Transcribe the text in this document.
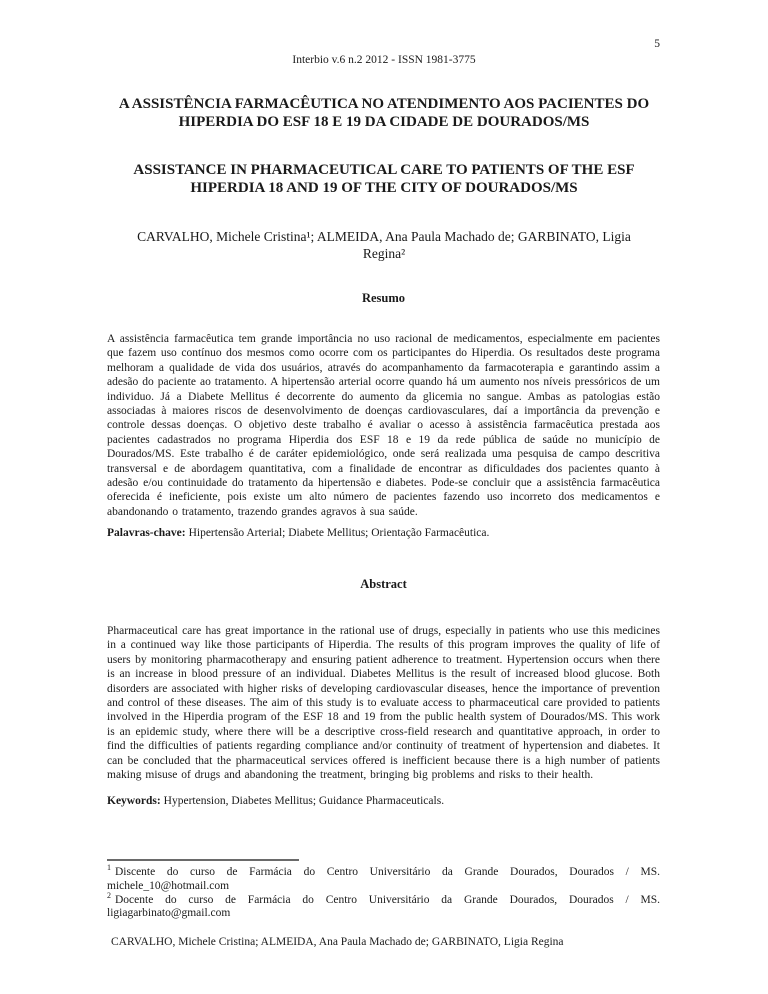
5
Interbio v.6 n.2 2012 - ISSN 1981-3775
A ASSISTÊNCIA FARMACÊUTICA NO ATENDIMENTO AOS PACIENTES DO
HIPERDIA DO ESF 18 E 19 DA CIDADE DE DOURADOS/MS
ASSISTANCE IN PHARMACEUTICAL CARE TO PATIENTS OF THE ESF
HIPERDIA 18 AND 19 OF THE CITY OF DOURADOS/MS
CARVALHO, Michele Cristina¹; ALMEIDA, Ana Paula Machado de; GARBINATO, Ligia
Regina²
Resumo
A assistência farmacêutica tem grande importância no uso racional de medicamentos, especialmente em pacientes que fazem uso contínuo dos mesmos como ocorre com os participantes do Hiperdia. Os resultados deste programa melhoram a qualidade de vida dos usuários, através do acompanhamento da farmacoterapia e garantindo assim a adesão do paciente ao tratamento. A hipertensão arterial ocorre quando há um aumento nos níveis pressóricos de um individuo. Já a Diabete Mellitus é decorrente do aumento da glicemia no sangue. Ambas as patologias estão associadas à maiores riscos de desenvolvimento de doenças cardiovasculares, daí a importância da prevenção e controle dessas doenças. O objetivo deste trabalho é avaliar o acesso à assistência farmacêutica prestada aos pacientes cadastrados no programa Hiperdia dos ESF 18 e 19 da rede pública de saúde no município de Dourados/MS. Este trabalho é de caráter epidemiológico, onde será realizada uma pesquisa de campo descritiva transversal e de abordagem quantitativa, com a finalidade de encontrar as dificuldades dos pacientes quanto à adesão e/ou continuidade do tratamento da hipertensão e diabetes. Pode-se concluir que a assistência farmacêutica oferecida é ineficiente, pois existe um alto número de pacientes fazendo uso incorreto dos medicamentos e abandonando o tratamento, trazendo grandes agravos à sua saúde.
Palavras-chave: Hipertensão Arterial; Diabete Mellitus; Orientação Farmacêutica.
Abstract
Pharmaceutical care has great importance in the rational use of drugs, especially in patients who use this medicines in a continued way like those participants of Hiperdia. The results of this program improves the quality of life of users by monitoring pharmacotherapy and ensuring patient adherence to treatment. Hypertension occurs when there is an increase in blood pressure of an individual. Diabetes Mellitus is the result of increased blood glucose. Both disorders are associated with higher risks of developing cardiovascular diseases, hence the importance of prevention and control of these diseases. The aim of this study is to evaluate access to pharmaceutical care provided to patients involved in the Hiperdia program of the ESF 18 and 19 from the public health system of Dourados/MS. This work is an epidemic study, where there will be a descriptive cross-field research and quantitative approach, in order to find the difficulties of patients regarding compliance and/or continuity of treatment of hypertension and diabetes. It can be concluded that the pharmaceutical services offered is inefficient because there is a high number of patients making misuse of drugs and abandoning the treatment, bringing big problems and risks to their health.
Keywords: Hypertension, Diabetes Mellitus; Guidance Pharmaceuticals.
$^1$ Discente do curso de Farmácia do Centro Universitário da Grande Dourados, Dourados / MS. michele_10@hotmail.com
$^2$ Docente do curso de Farmácia do Centro Universitário da Grande Dourados, Dourados / MS. ligiagarbinato@gmail.com
CARVALHO, Michele Cristina; ALMEIDA, Ana Paula Machado de; GARBINATO, Ligia Regina
